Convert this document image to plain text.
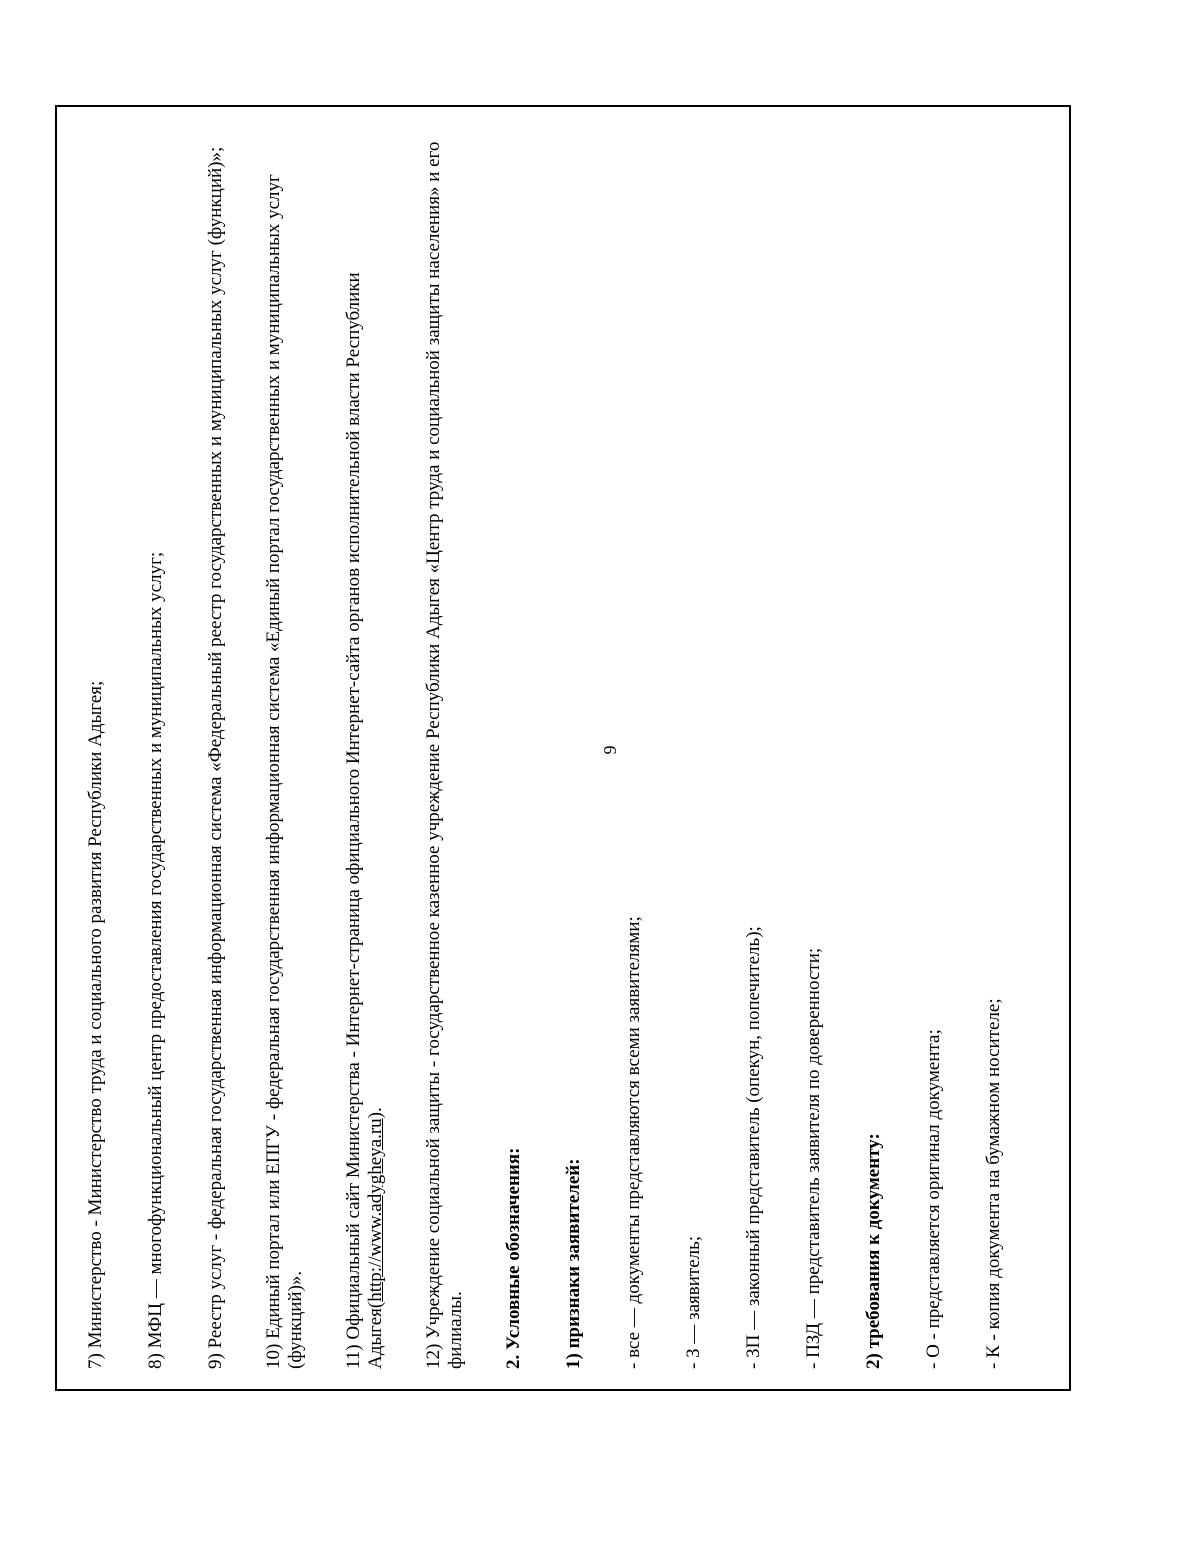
9

7) Министерство - Министерство труда и социального развития Республики Адыгея;

8) МФЦ — многофункциональный центр предоставления государственных и муниципальных услуг;

9) Реестр услуг - федеральная государственная информационная система «Федеральный реестр государственных и муниципальных услуг (функций)»;

10) Единый портал или ЕПГУ - федеральная государственная информационная система «Единый портал государственных и муниципальных услуг (функций)». 11) Официальный сайт Министерства - Интернет-страница официального Интернет-сайта органов исполнительной власти Республики Адыгея(http://www.adygheya.ru).

12) Учреждение социальной защиты - государственное казенное учреждение Республики Адыгея «Центр труда и социальной защиты населения» и его филиалы. 2. Условные обозначения: 1) признаки заявителей: - все — документы представляются всеми заявителями; - З — заявитель; - ЗП — законный представитель (опекун, попечитель); - ПЗД — представитель заявителя по доверенности; 2) требования к документу: - О - представляется оригинал документа; - К - копия документа на бумажном носителе;
